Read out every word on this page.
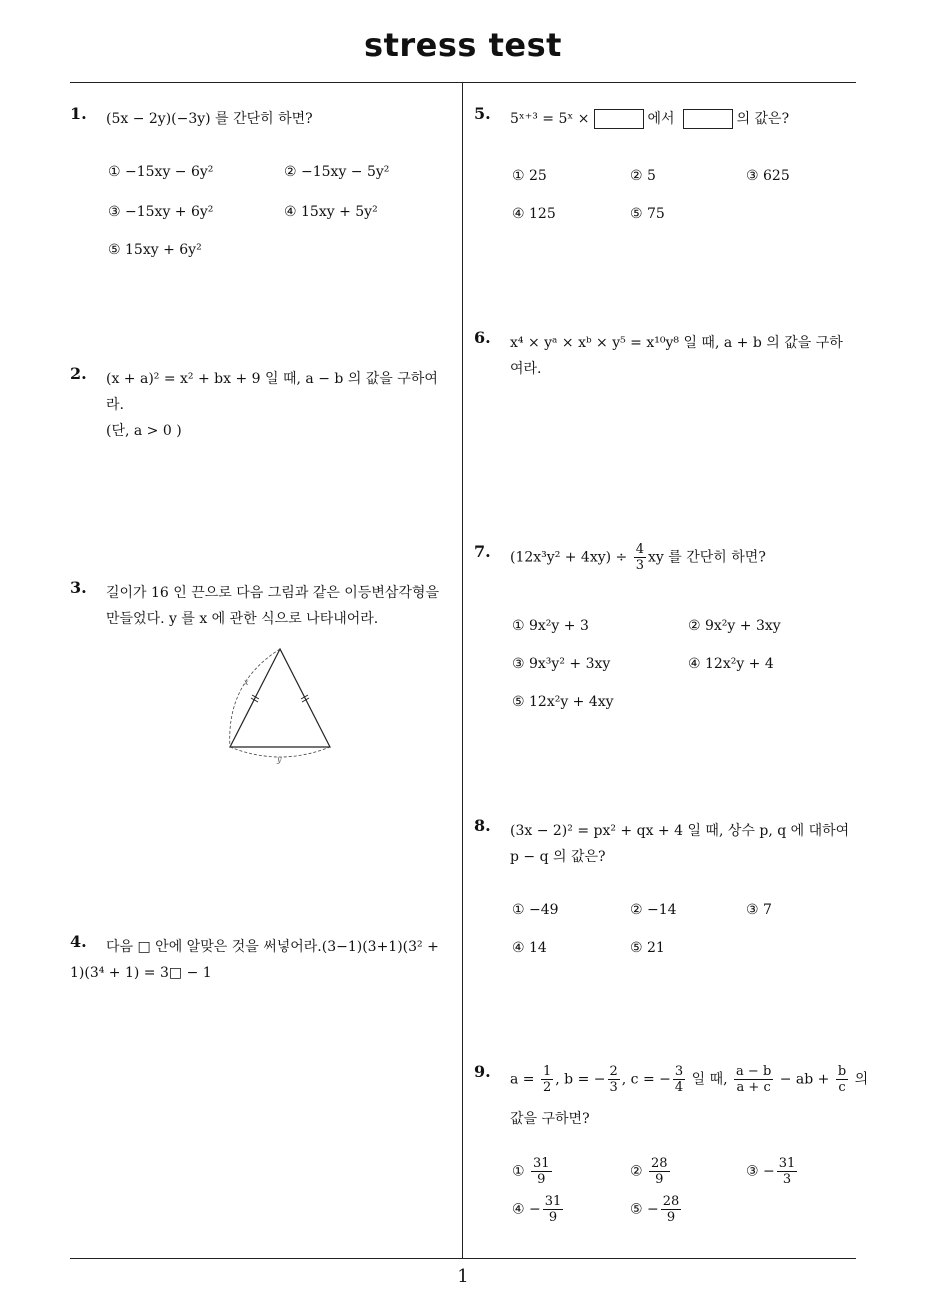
stress test
1
1. (5x − 2y)(−3y) 를 간단히 하면?
① −15xy − 6y²	② −15xy − 5y²
③ −15xy + 6y²	④ 15xy + 5y²
⑤ 15xy + 6y²
2. (x + a)² = x² + bx + 9 일 때, a − b 의 값을 구하여라.
(단, a > 0 )
3. 길이가 16 인 끈으로 다음 그림과 같은 이등변삼각형을
만들었다. y 를 x 에 관한 식으로 나타내어라.
x
y
4. 다음 □ 안에 알맞은 것을 써넣어라.(3−1)(3+1)(3² +
1)(3⁴ + 1) = 3□ − 1
5. 5ˣ⁺³ = 5ˣ ×	에서	의 값은?
① 25	② 5	③ 625
④ 125	⑤ 75
6. x⁴ × yᵃ × xᵇ × y⁵ = x¹⁰y⁸ 일 때, a + b 의 값을 구하
여라.
7. $(12x^3y^2 + 4xy) \div \frac{4}{3}$ xy 를 간단히 하면?
① 9x²y + 3	② 9x²y + 3xy
③ 9x³y² + 3xy	④ 12x²y + 4
⑤ 12x²y + 4xy
8. (3x − 2)² = px² + qx + 4 일 때, 상수 p, q 에 대하여
p − q 의 값은?
① −49	② −14	③ 7
④ 14	⑤ 21
9. $a = \frac{1}{2}$ , b = − $\frac{2}{3}$ , c = − $\frac{3}{4}$ 일 때, $\frac{a - b}{a + c}$ − ab + $\frac{b}{c}$ 의
값을 구하면?
① $\frac{31}{9}$	② $\frac{28}{9}$	③ − $\frac{31}{3}$
④ − $\frac{31}{9}$	⑤ − $\frac{28}{9}$
